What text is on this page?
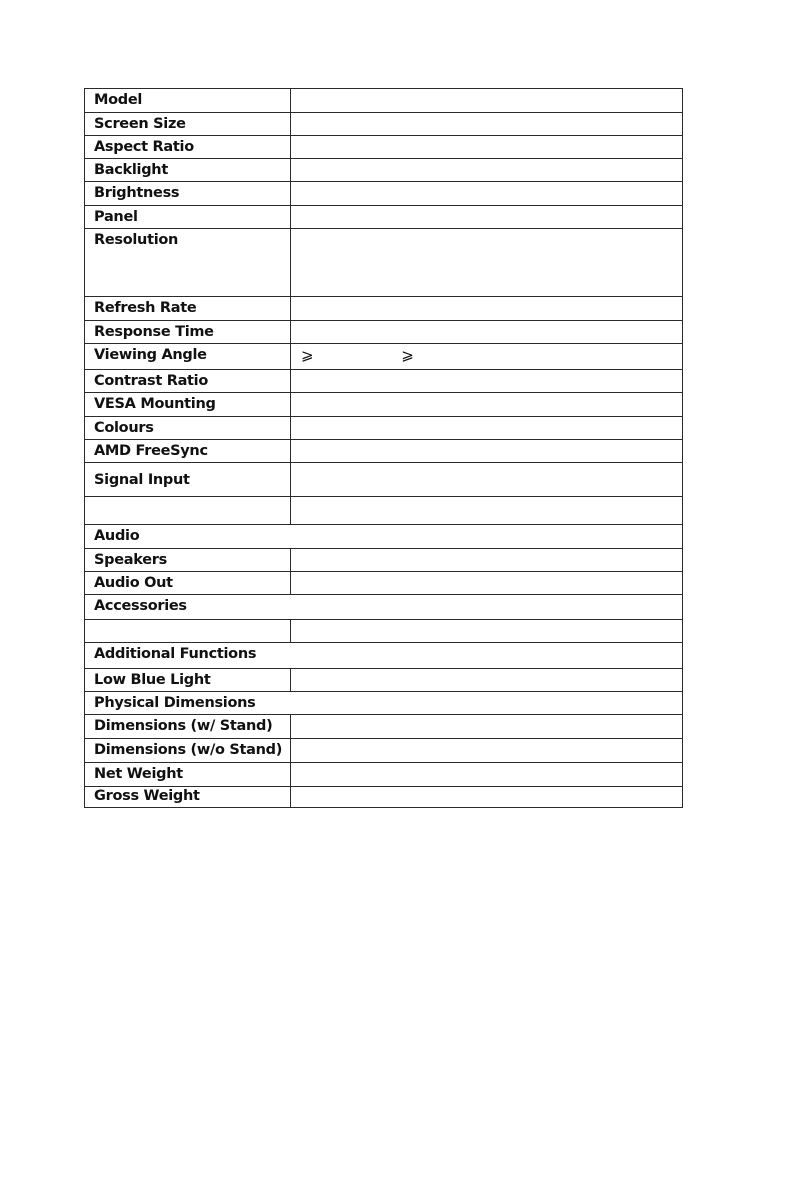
Model	
Screen Size	
Aspect Ratio	
Backlight	
Brightness	
Panel	
Resolution	
Refresh Rate	
Response Time	
Viewing Angle	⩾ ⩾
Contrast Ratio	
VESA Mounting	
Colours	
AMD FreeSync	
Signal Input	

Audio	
Speakers	
Audio Out	
Accessories	

Additional Functions	
Low Blue Light	
Physical Dimensions	
Dimensions (w/ Stand)	
Dimensions (w/o Stand)	
Net Weight	
Gross Weight	
